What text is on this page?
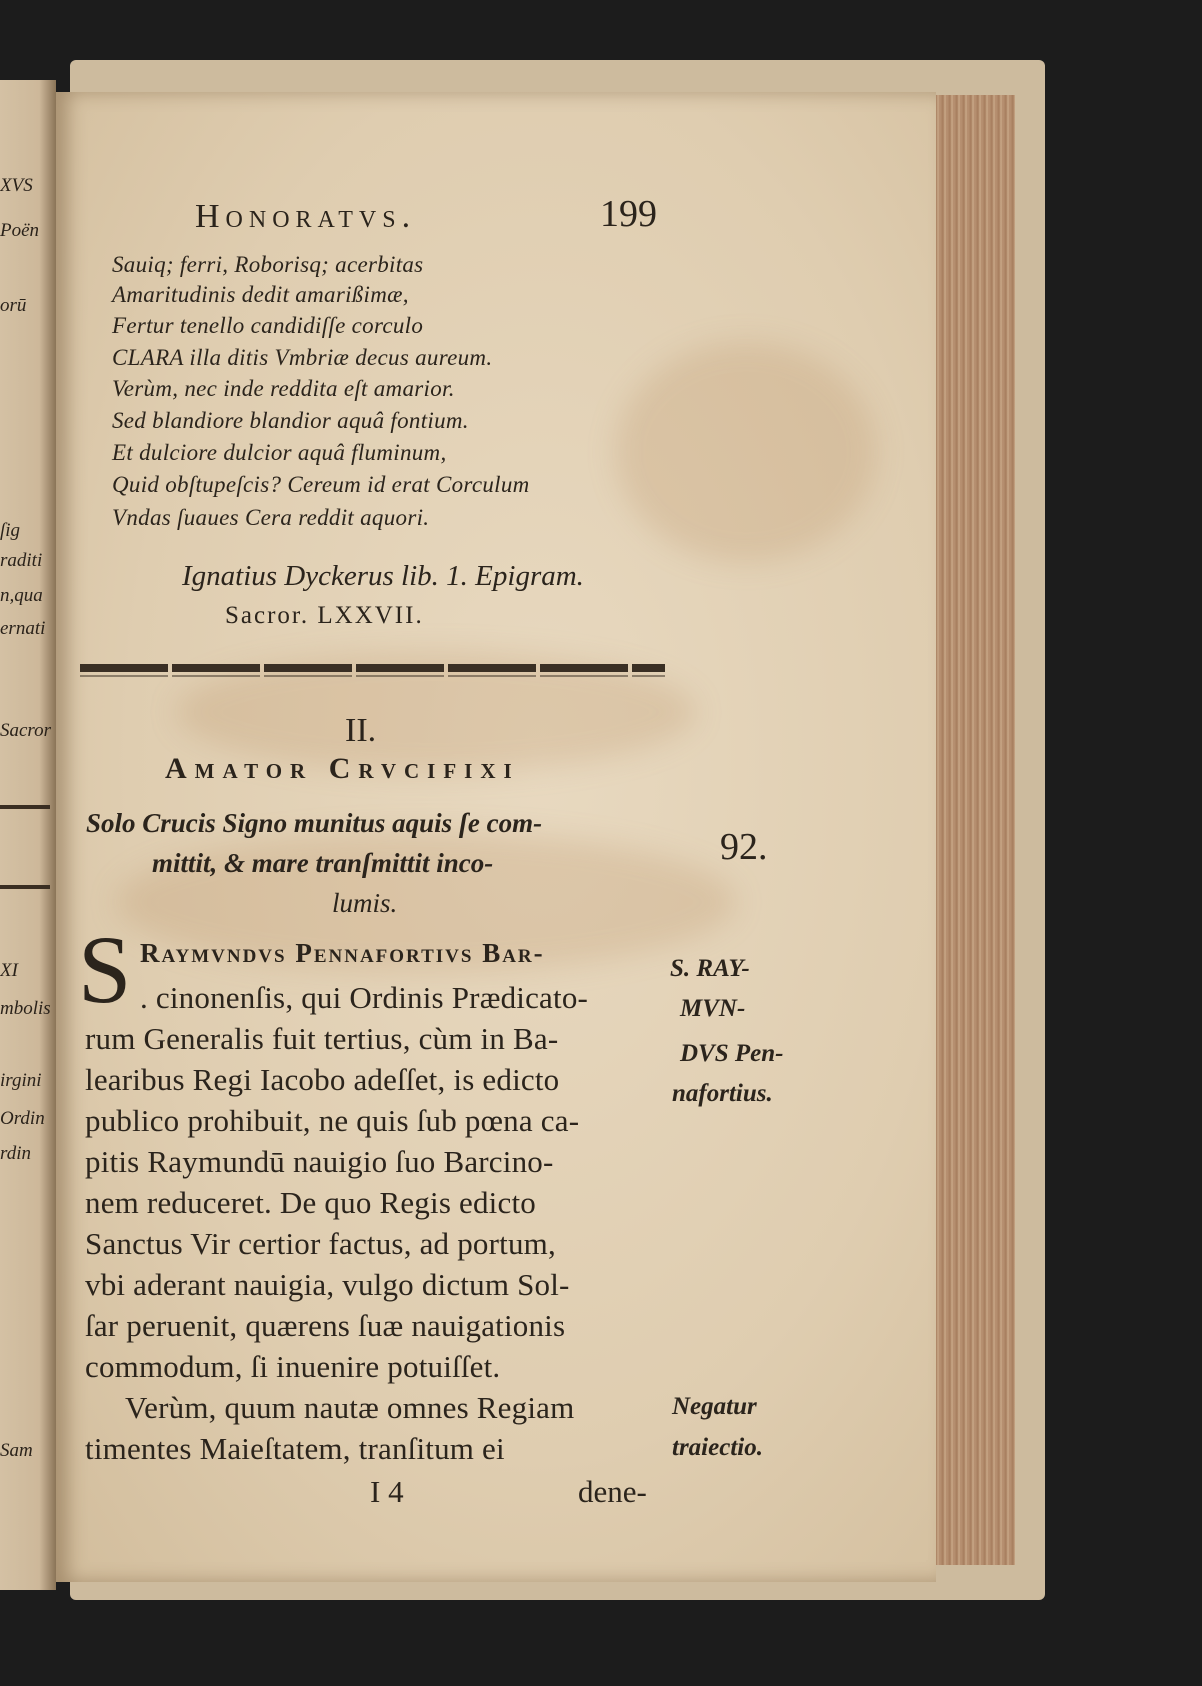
XVS
Poën
orū
ſig
raditi
n,qua
ernati
Sacror
XI
mbolis
irgini
Ordin
rdin
Sam
Honoratvs.	199
Sauiq; ferri, Roborisq; acerbitas
Amaritudinis dedit amarißimæ,
Fertur tenello candidiſſe corculo
CLARA illa ditis Vmbriæ decus aureum.
Verùm, nec inde reddita eſt amarior.
Sed blandiore blandior aquâ fontium.
Et dulciore dulcior aquâ fluminum,
Quid obſtupeſcis? Cereum id erat Corculum
Vndas ſuaues Cera reddit aquori.
Ignatius Dyckerus lib. 1. Epigram.
Sacror. LXXVII.
II.
Amator Crvcifixi
Solo Crucis Signo munitus aquis ſe com-
mittit, & mare tranſmittit inco-
lumis.
92.
S Raymvndvs Pennafortivs Bar-
. cinonenſis, qui Ordinis Prædicato-
rum Generalis fuit tertius, cùm in Ba-
learibus Regi Iacobo adeſſet, is edicto
publico prohibuit, ne quis ſub pœna ca-
pitis Raymundū nauigio ſuo Barcino-
nem reduceret. De quo Regis edicto
Sanctus Vir certior factus, ad portum,
vbi aderant nauigia, vulgo dictum Sol-
ſar peruenit, quærens ſuæ nauigationis
commodum, ſi inuenire potuiſſet.
Verùm, quum nautæ omnes Regiam
timentes Maieſtatem, tranſitum ei
S. RAY-
MVN-
DVS Pen-
nafortius.
Negatur
traiectio.
I 4	dene-
